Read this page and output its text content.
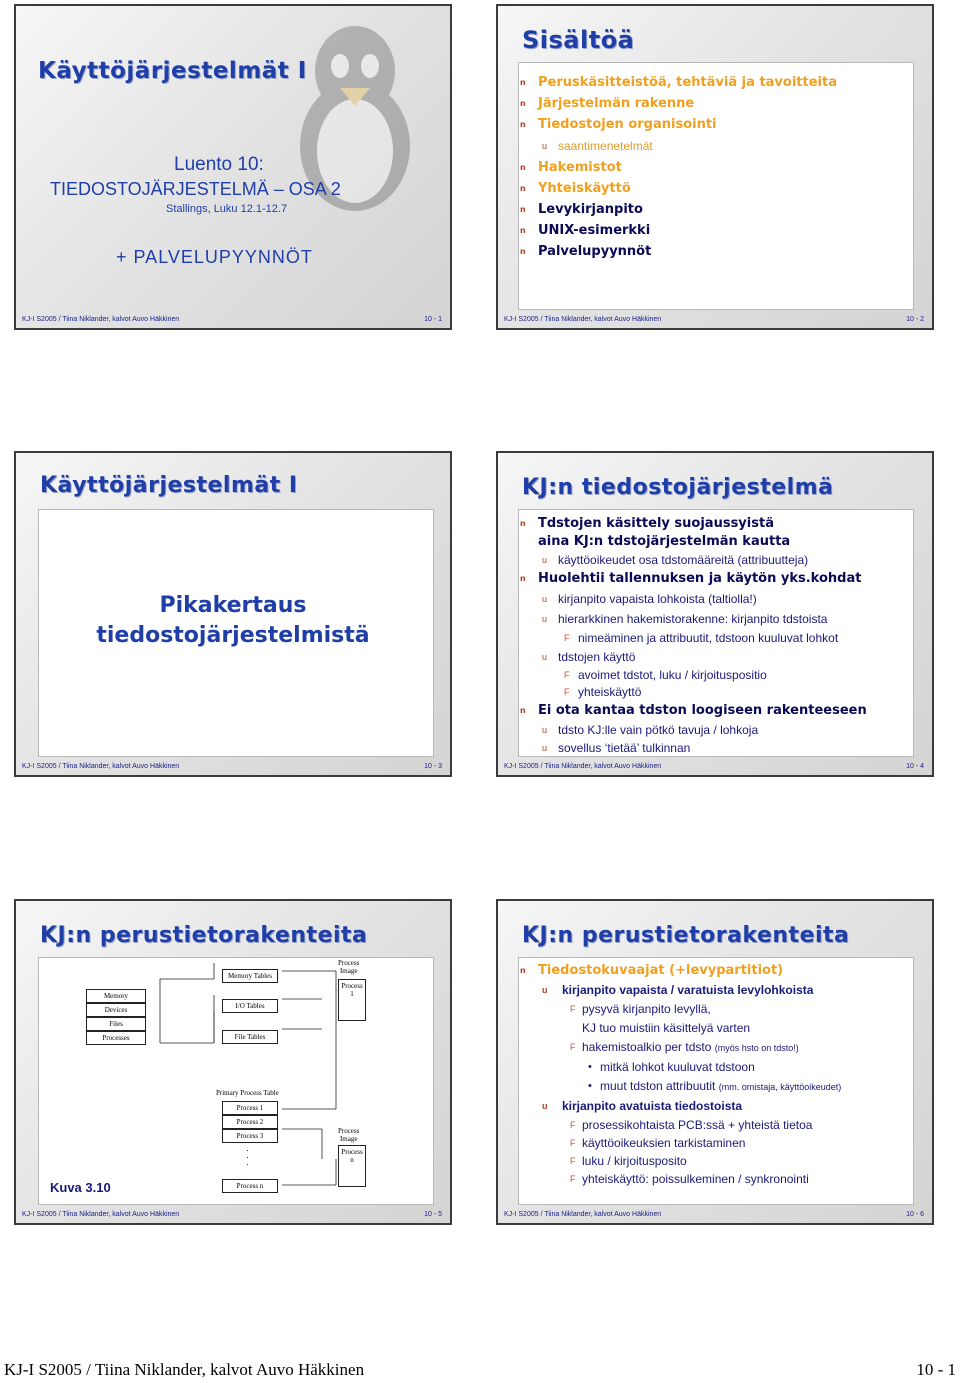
Käyttöjärjestelmät I
Luento 10:
TIEDOSTOJÄRJESTELMÄ – OSA 2
Stallings, Luku 12.1-12.7
+ PALVELUPYYNNÖT
KJ-I S2005 / Tiina Niklander, kalvot Auvo Häkkinen	10 - 1
Sisältöä
n Peruskäsitteistöä, tehtäviä ja tavoitteita
n Järjestelmän rakenne
n Tiedostojen organisointi
u saantimenetelmät
n Hakemistot
n Yhteiskäyttö
n Levykirjanpito
n UNIX-esimerkki
n Palvelupyynnöt
KJ-I S2005 / Tiina Niklander, kalvot Auvo Häkkinen	10 - 2
Käyttöjärjestelmät I
Pikakertaus
tiedostojärjestelmistä
KJ-I S2005 / Tiina Niklander, kalvot Auvo Häkkinen	10 - 3
KJ:n tiedostojärjestelmä
n Tdstojen käsittely suojaussyistä
aina KJ:n tdstojärjestelmän kautta
u käyttöoikeudet osa tdstomääreitä (attribuutteja)
n Huolehtii tallennuksen ja käytön yks.kohdat
u kirjanpito vapaista lohkoista (taltiolla!)
u hierarkkinen hakemistorakenne: kirjanpito tdstoista
F nimeäminen ja attribuutit, tdstoon kuuluvat lohkot
u tdstojen käyttö
F avoimet tdstot, luku / kirjoituspositio
F yhteiskäyttö
n Ei ota kantaa tdston loogiseen rakenteeseen
u tdsto KJ:lle vain pötkö tavuja / lohkoja
u sovellus ‘tietää’ tulkinnan
KJ-I S2005 / Tiina Niklander, kalvot Auvo Häkkinen	10 - 4
KJ:n perustietorakenteita
Memory
Devices
Files
Processes
Memory Tables
I/O Tables
File Tables
Process
Image
Process
1
Primary Process Table
Process 1
Process 2
Process 3
·
·
·
Process n
Process
Image
Process
n
Kuva 3.10
KJ-I S2005 / Tiina Niklander, kalvot Auvo Häkkinen	10 - 5
KJ:n perustietorakenteita
n Tiedostokuvaajat (+levypartitiot)
u kirjanpito vapaista / varatuista levylohkoista
F pysyvä kirjanpito levyllä,
KJ tuo muistiin käsittelyä varten
F hakemistoalkio per tdsto (myös hsto on tdsto!)
• mitkä lohkot kuuluvat tdstoon
• muut tdston attribuutit (mm. omistaja, käyttöoikeudet)
u kirjanpito avatuista tiedostoista
F prosessikohtaista PCB:ssä + yhteistä tietoa
F käyttöoikeuksien tarkistaminen
F luku / kirjoitusposito
F yhteiskäyttö: poissulkeminen / synkronointi
KJ-I S2005 / Tiina Niklander, kalvot Auvo Häkkinen	10 - 6
KJ-I S2005 / Tiina Niklander, kalvot Auvo Häkkinen	10 - 1
